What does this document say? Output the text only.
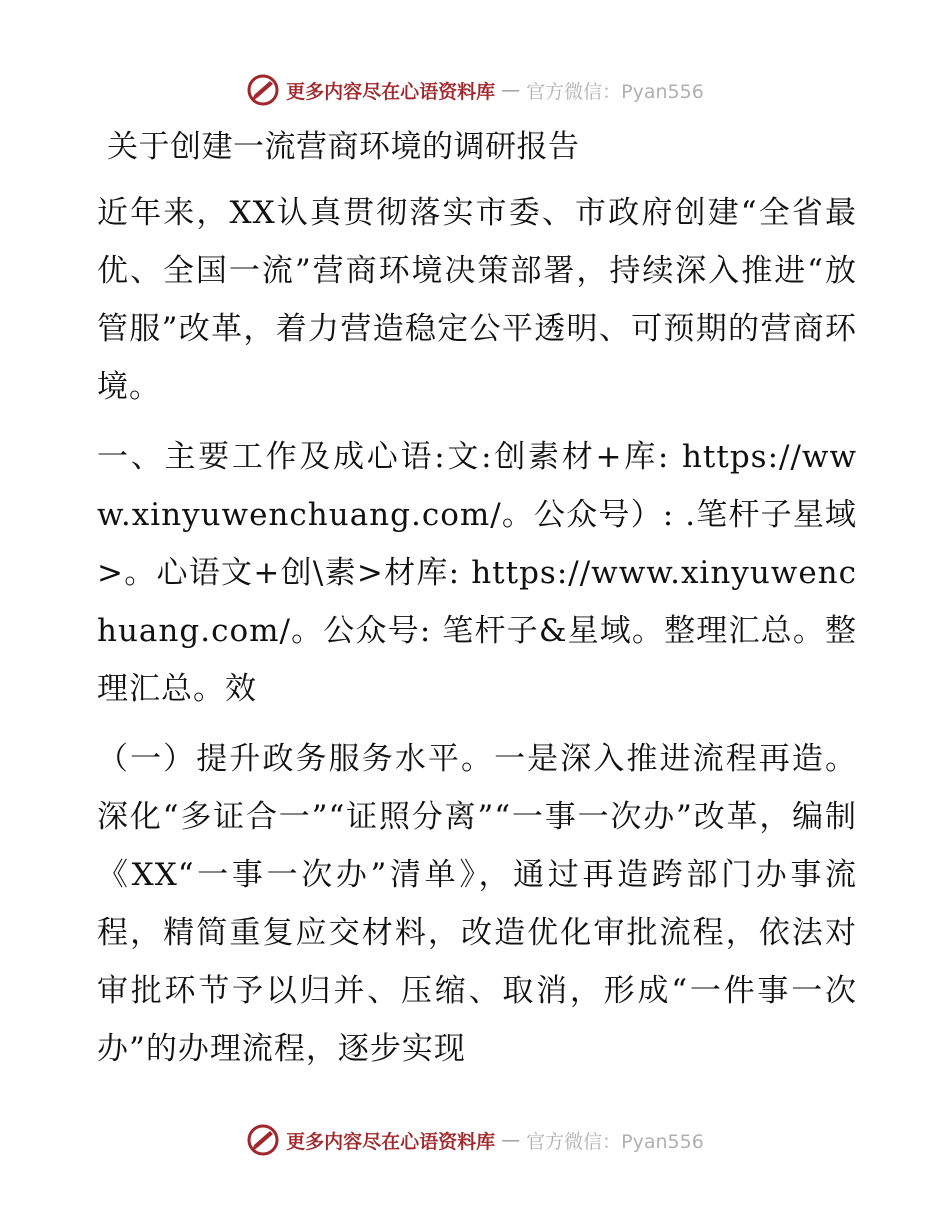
更多内容尽在心语资料库 — 官方微信：Pyan556
关于创建一流营商环境的调研报告

近年来，XX认真贯彻落实市委、市政府创建“全省最优、全国一流”营商环境决策部署，持续深入推进“放管服”改革，着力营造稳定公平透明、可预期的营商环境。

一、主要工作及成心语:文:创素材+库: https://www.xinyuwenchuang.com/。公众号）: .笔杆子星域>。心语文+创\素>材库: https://www.xinyuwenchuang.com/。公众号: 笔杆子&星域。整理汇总。整理汇总。效

（一）提升政务服务水平。一是深入推进流程再造。深化“多证合一”“证照分离”“一事一次办”改革，编制《XX“一事一次办”清单》，通过再造跨部门办事流程，精简重复应交材料，改造优化审批流程，依法对审批环节予以归并、压缩、取消，形成“一件事一次办”的办理流程，逐步实现

更多内容尽在心语资料库 — 官方微信：Pyan556
